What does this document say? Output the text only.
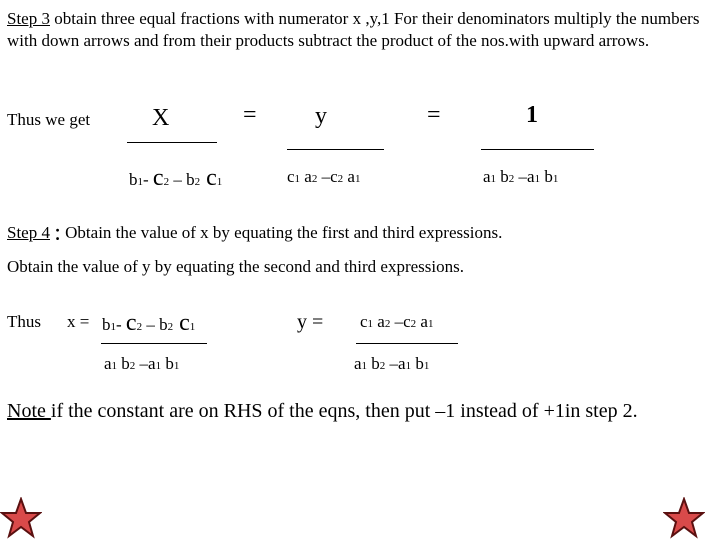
Step 3 obtain three equal fractions with numerator x ,y,1 For their denominators multiply the numbers with down arrows and from their products subtract the product of the nos.with upward arrows.
Thus we get	X
b1- c2 – b2 c1
= y
c1 a2 –c2 a1
=	1
a1 b2 –a1 b1
Step 4 : Obtain the value of x by equating the first and third expressions.
Obtain the value of y by equating the second and third expressions.
Thus x = b1- c2 – b2 c1
a1 b2 –a1 b1
y = c1 a2 –c2 a1
a1 b2 –a1 b1
Note if the constant are on RHS of the eqns, then put –1 instead of +1in step 2.
